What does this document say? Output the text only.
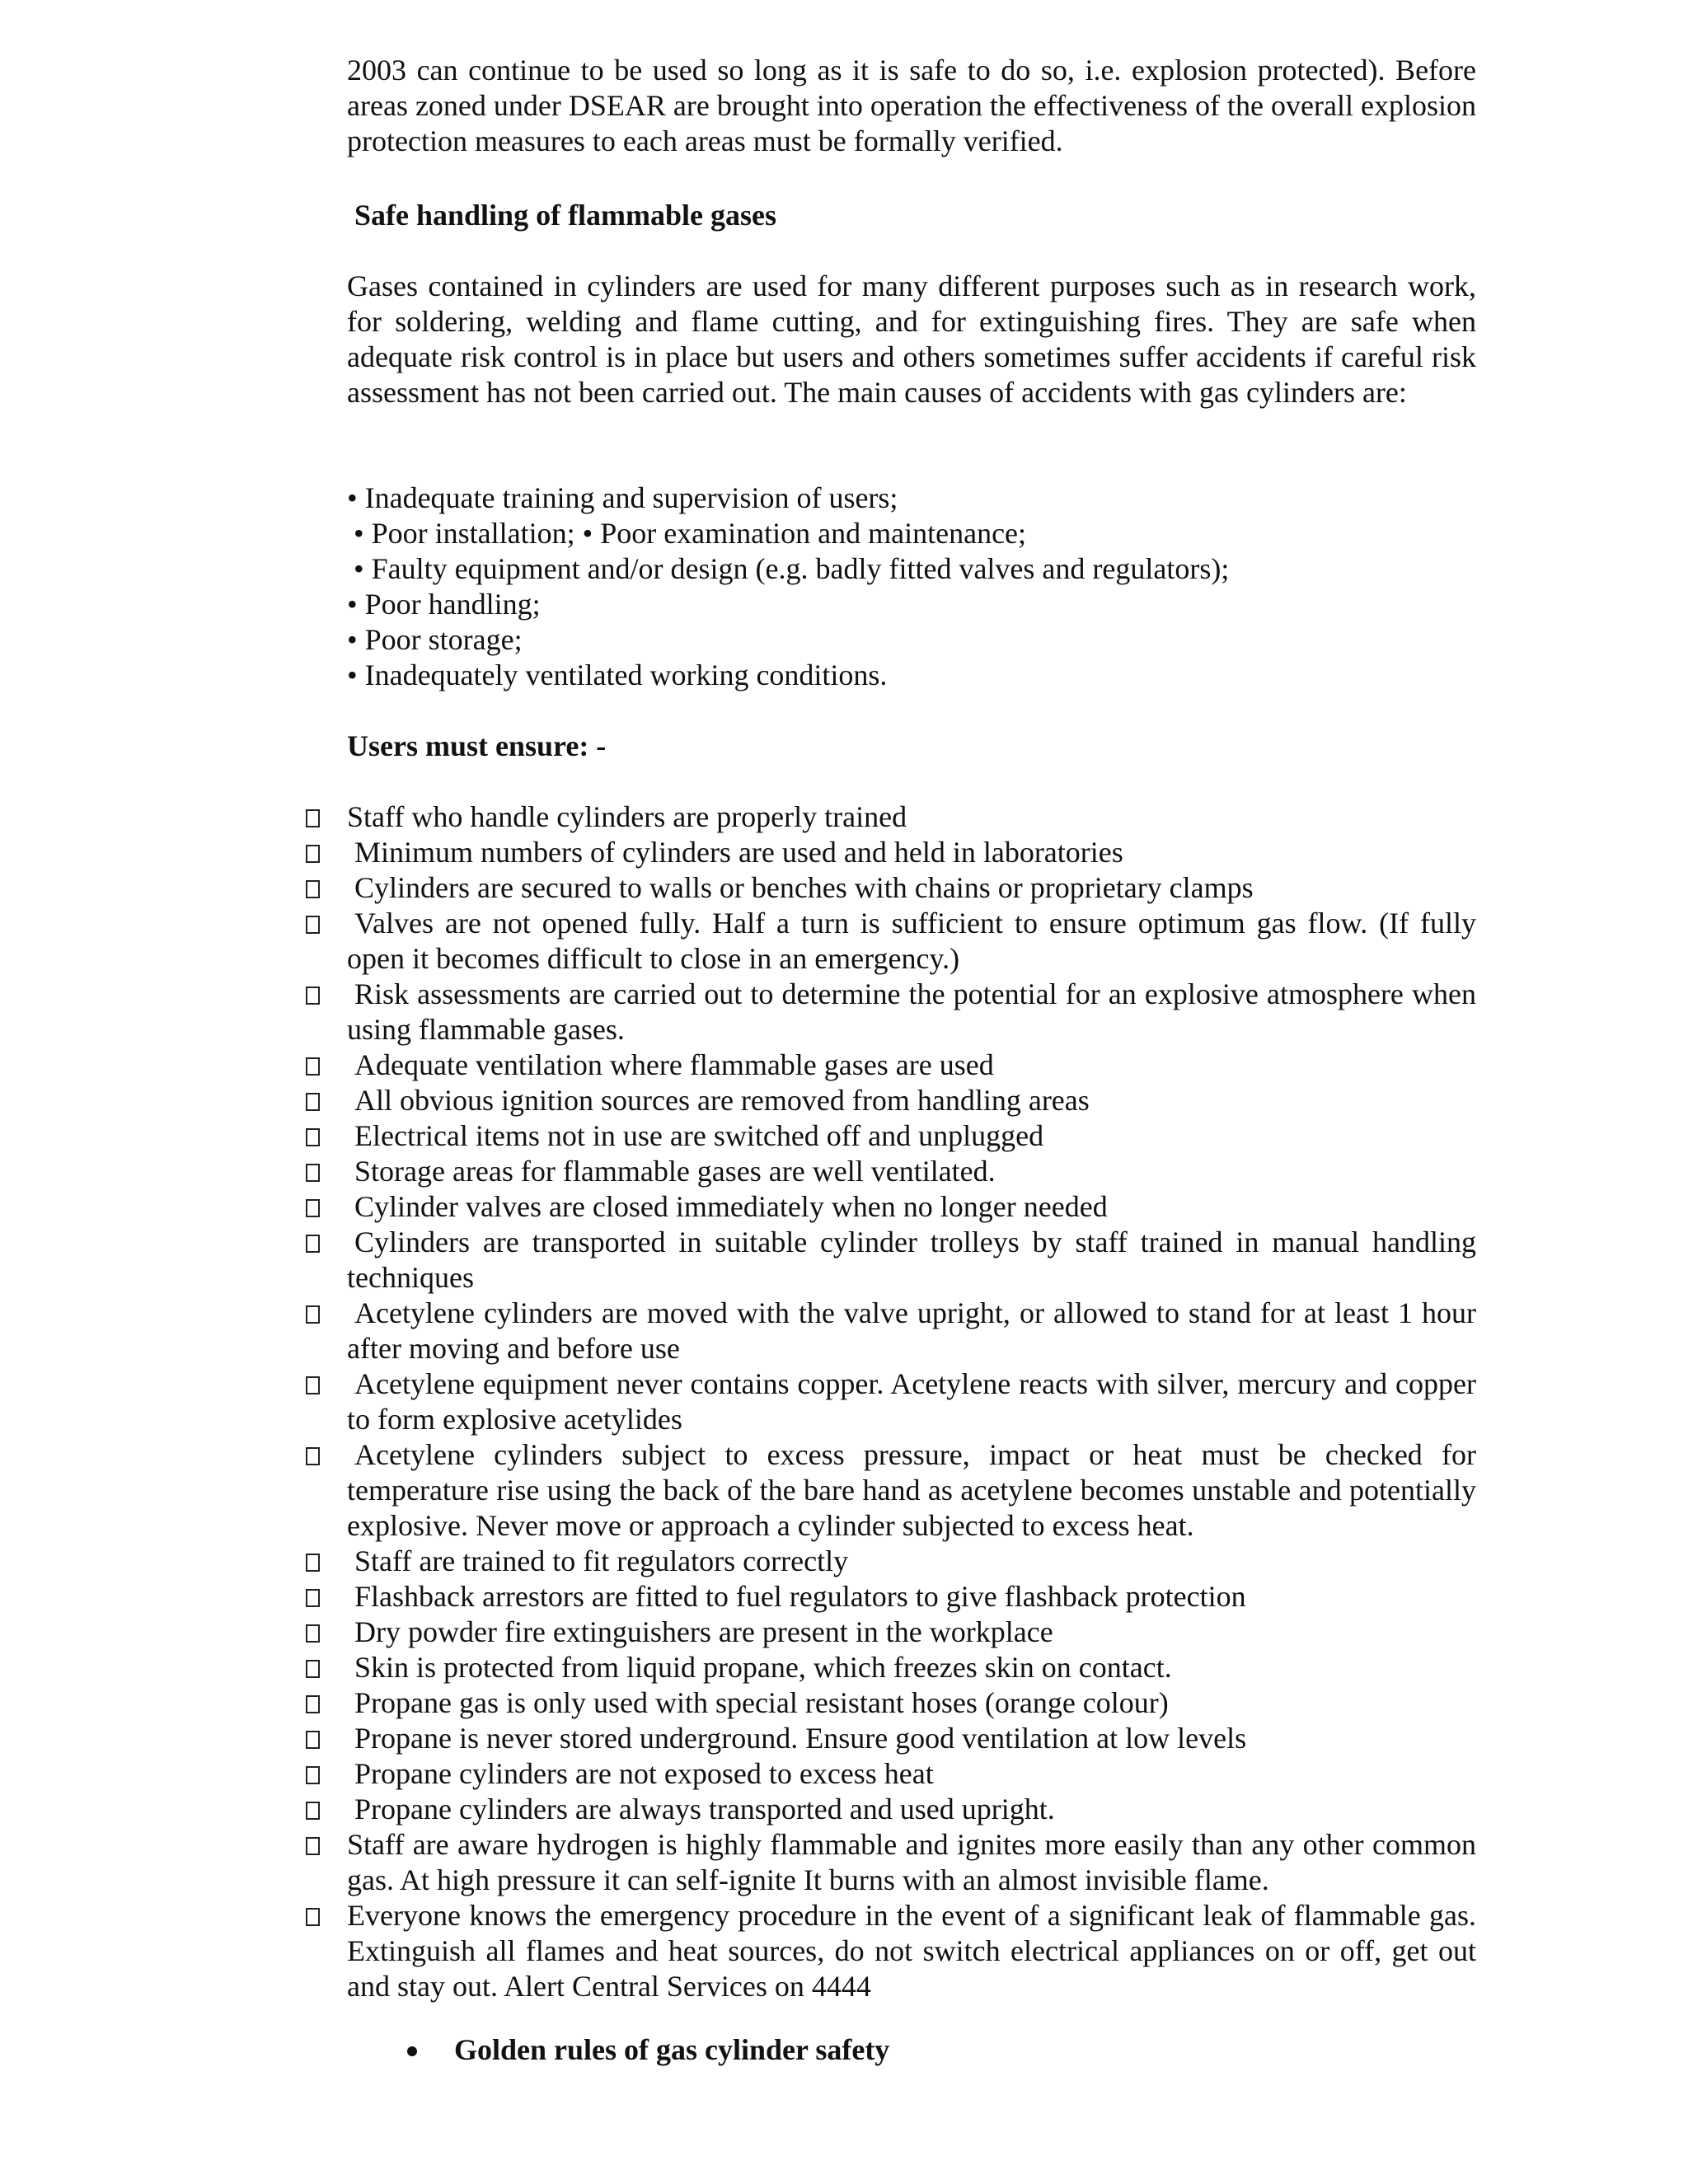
2003 can continue to be used so long as it is safe to do so, i.e. explosion protected). Before areas zoned under DSEAR are brought into operation the effectiveness of the overall explosion protection measures to each areas must be formally verified.
Safe handling of flammable gases
Gases contained in cylinders are used for many different purposes such as in research work, for soldering, welding and flame cutting, and for extinguishing fires. They are safe when adequate risk control is in place but users and others sometimes suffer accidents if careful risk assessment has not been carried out. The main causes of accidents with gas cylinders are:
• Inadequate training and supervision of users;
• Poor installation; • Poor examination and maintenance;
• Faulty equipment and/or design (e.g. badly fitted valves and regulators);
• Poor handling;
• Poor storage;
• Inadequately ventilated working conditions.
Users must ensure: -
Staff who handle cylinders are properly trained
Minimum numbers of cylinders are used and held in laboratories
Cylinders are secured to walls or benches with chains or proprietary clamps
Valves are not opened fully. Half a turn is sufficient to ensure optimum gas flow. (If fully open it becomes difficult to close in an emergency.)
Risk assessments are carried out to determine the potential for an explosive atmosphere when using flammable gases.
Adequate ventilation where flammable gases are used
All obvious ignition sources are removed from handling areas
Electrical items not in use are switched off and unplugged
Storage areas for flammable gases are well ventilated.
Cylinder valves are closed immediately when no longer needed
Cylinders are transported in suitable cylinder trolleys by staff trained in manual handling techniques
Acetylene cylinders are moved with the valve upright, or allowed to stand for at least 1 hour after moving and before use
Acetylene equipment never contains copper. Acetylene reacts with silver, mercury and copper to form explosive acetylides
Acetylene cylinders subject to excess pressure, impact or heat must be checked for temperature rise using the back of the bare hand as acetylene becomes unstable and potentially explosive. Never move or approach a cylinder subjected to excess heat.
Staff are trained to fit regulators correctly
Flashback arrestors are fitted to fuel regulators to give flashback protection
Dry powder fire extinguishers are present in the workplace
Skin is protected from liquid propane, which freezes skin on contact.
Propane gas is only used with special resistant hoses (orange colour)
Propane is never stored underground. Ensure good ventilation at low levels
Propane cylinders are not exposed to excess heat
Propane cylinders are always transported and used upright.
Staff are aware hydrogen is highly flammable and ignites more easily than any other common gas. At high pressure it can self-ignite It burns with an almost invisible flame.
Everyone knows the emergency procedure in the event of a significant leak of flammable gas. Extinguish all flames and heat sources, do not switch electrical appliances on or off, get out and stay out. Alert Central Services on 4444
Golden rules of gas cylinder safety
